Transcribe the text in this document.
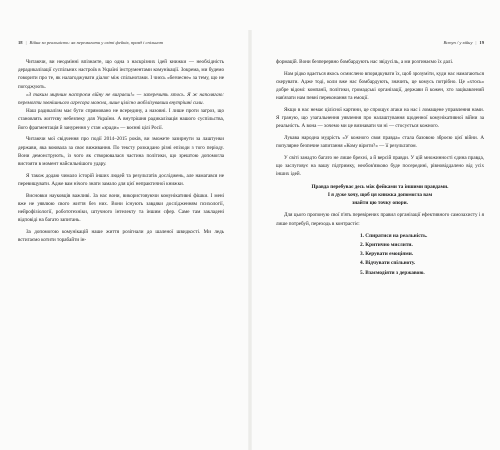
18 | Війна за реальність: як перемагати у світі фейків, правд і спільнот

Читаючи, ви неодмінні впізнаєте, що одна з наскрізних ідей книжки — необхідність дерадикалізації суспільних настроїв в Україні інструментами комунікації. Зокрема, ми будемо говорити про те, як налагоджувати діалог між спільнотами. І чиєсь «безчесне» за тему, що не погоджують.

«З таким мирним настроєм війну не виграєш!» — заперечить хтось. Я ж наполягаю: перемогти зовнішнього агресора можна, лише цілісно мобілізувавши внутрішні сили.

Наш радикалізм має бути спрямовано не всередину, а назовні. І лише проти загроз, що становлять життєву небезпеку для України. А внутрішня радикалізація нашого суспільства, його фрагментація й занурення у стан «зради» — воєнні цілі Росії.

Читаючи мої свідчення про події 2014–2015 років, ви зможете зазирнути за лаштунки держави, яка воювала за своє виживання. По тексту розкидано різні епізоди з того періоду. Вони демонструють, із чого як створювалася частина політики, що зрештою допомогла вистояти в момент найсильнішого удару.

Я також додаю чимало історій інших людей та результатів досліджень, але намагався не перевищувати. Адже вам нічого знати замало для цієї непрактичної книжки.

Висновки науковців важливі. За нас вони, використовуючи комунікативні фішки. І мені вже не уявлюю свого життя без них. Вони існують завдяки дослідженням психології, нейрофізіології, робототехніки, штучного інтелекту та іншим сфер. Саме там закладені відповіді на багато запитань.

За допомогою комунікацій наше життя розігнали до шаленої швидкості. Ми ледь встигаємо котити торабайти ін-

Вступ / у війну | 19

формацій. Вони безперервно бомбардують нас звідусіль, а ми розгинаємо їх далі.

Нам рідко вдається якось осмислено впорядкувати їх, щоб зрозуміти, куди нас намагаються скерувати. Адже тоді, коли вже нас бомбардують, значить, це комусь потрібно. Це «хтось» добре відомі: компанії, політики, громадські організації, держави й кожен, хто зацікавлений нав'язати нам певні переконання та емоції.

Якщо в нас немає цілісної картини, це спрощує атаки на нас і ломащене управлення нами. Я граную, що узагальнення уявлення про налаштування щоденної комунікативної війни за реальність. А вона — хочемо ми це визнавати чи ні — стосується кожного.

Лукава народна мудрість «У кожного своя правда» стала базовою зброєю цієї війни. А популярне безпечне запитання «Кому вірити?» — її результатом.

У світі занадто багато не лише брехні, а й версій правди. У цій множинності єдина правда, що заслуговує на вашу підтримку, необов'язково буде посередині, рівновіддалено від усіх інших ідей.

Правда перебуває десь між фейками та іншими правдами.
І я дуже хочу, щоб ця книжка допомогла вам
знайти цю точку опори.

Для цього пропоную свої п'ять перевірених правил організації ефективного самозахисту і я лише потребуй, переходь в контрастіє:

1. Спиратися на реальність.
2. Критично мислити.
3. Керувати емоціями.
4. Відчувати спільноту.
5. Взаємодіяти з державою.
